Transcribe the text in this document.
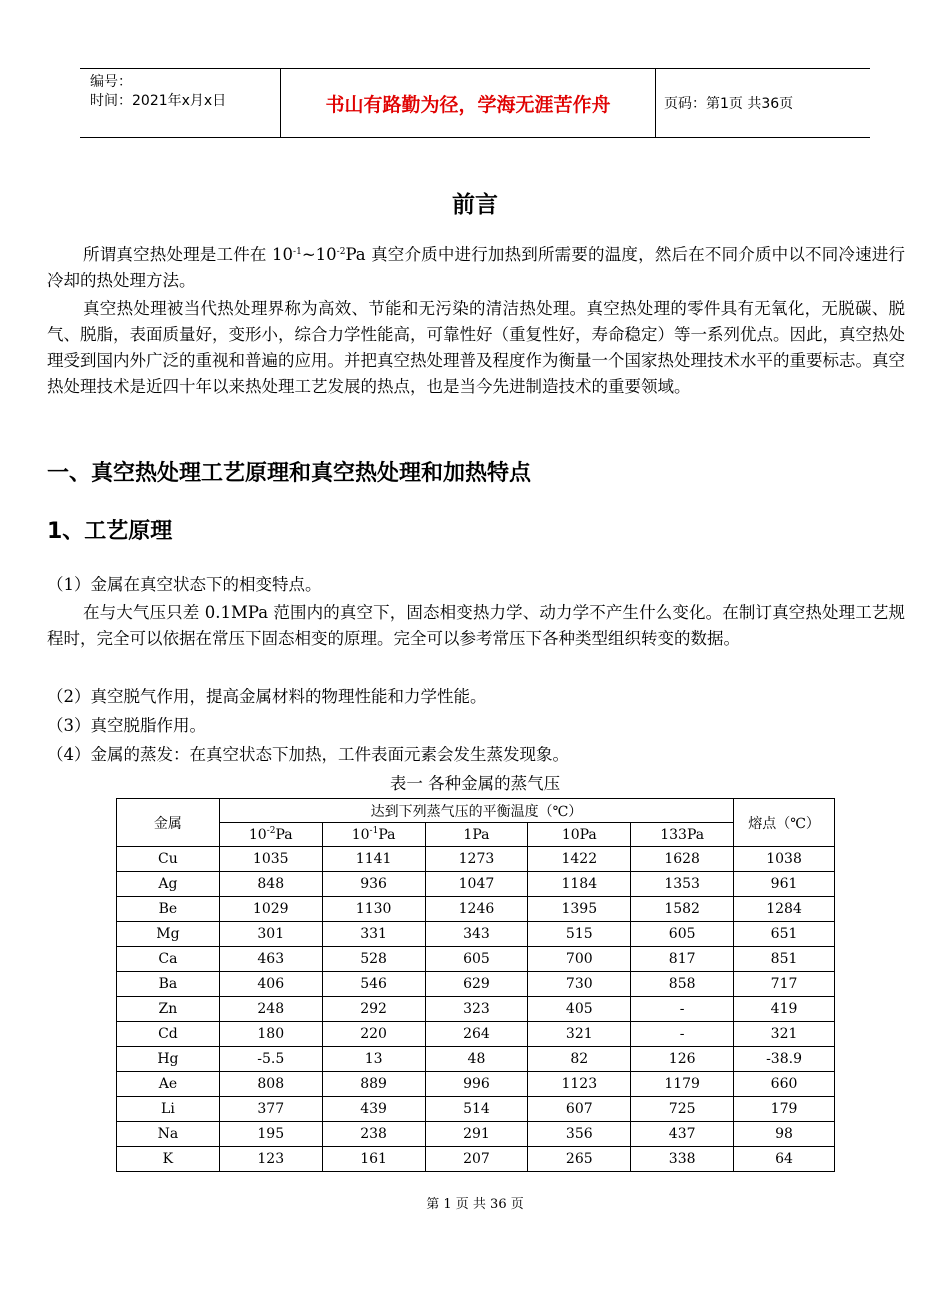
编号：
时间：2021年x月x日	书山有路勤为径，学海无涯苦作舟	页码：第1页 共36页
前言

所谓真空热处理是工件在 $10^{-1}\sim 10^{-2}Pa$ 真空介质中进行加热到所需要的温度，然后在不同介质中以不同冷速进行冷却的热处理方法。

真空热处理被当代热处理界称为高效、节能和无污染的清洁热处理。真空热处理的零件具有无氧化，无脱碳、脱气、脱脂，表面质量好，变形小，综合力学性能高，可靠性好（重复性好，寿命稳定）等一系列优点。因此，真空热处理受到国内外广泛的重视和普遍的应用。并把真空热处理普及程度作为衡量一个国家热处理技术水平的重要标志。真空热处理技术是近四十年以来热处理工艺发展的热点，也是当今先进制造技术的重要领域。

一、真空热处理工艺原理和真空热处理和加热特点
1、工艺原理
（1）金属在真空状态下的相变特点。

在与大气压只差 0.1MPa 范围内的真空下，固态相变热力学、动力学不产生什么变化。在制订真空热处理工艺规程时，完全可以依据在常压下固态相变的原理。完全可以参考常压下各种类型组织转变的数据。

（2）真空脱气作用，提高金属材料的物理性能和力学性能。
（3）真空脱脂作用。
（4）金属的蒸发：在真空状态下加热，工件表面元素会发生蒸发现象。
表一 各种金属的蒸气压
金属	达到下列蒸气压的平衡温度（℃）					熔点（℃）
	$10^{-2}Pa$	$10^{-1}Pa$	1Pa	10Pa	133Pa	
Cu	1035	1141	1273	1422	1628	1038
Ag	848	936	1047	1184	1353	961
Be	1029	1130	1246	1395	1582	1284
Mg	301	331	343	515	605	651
Ca	463	528	605	700	817	851
Ba	406	546	629	730	858	717
Zn	248	292	323	405	-	419
Cd	180	220	264	321	-	321
Hg	-5.5	13	48	82	126	-38.9
Ae	808	889	996	1123	1179	660
Li	377	439	514	607	725	179
Na	195	238	291	356	437	98
K	123	161	207	265	338	64
第 1 页 共 36 页
